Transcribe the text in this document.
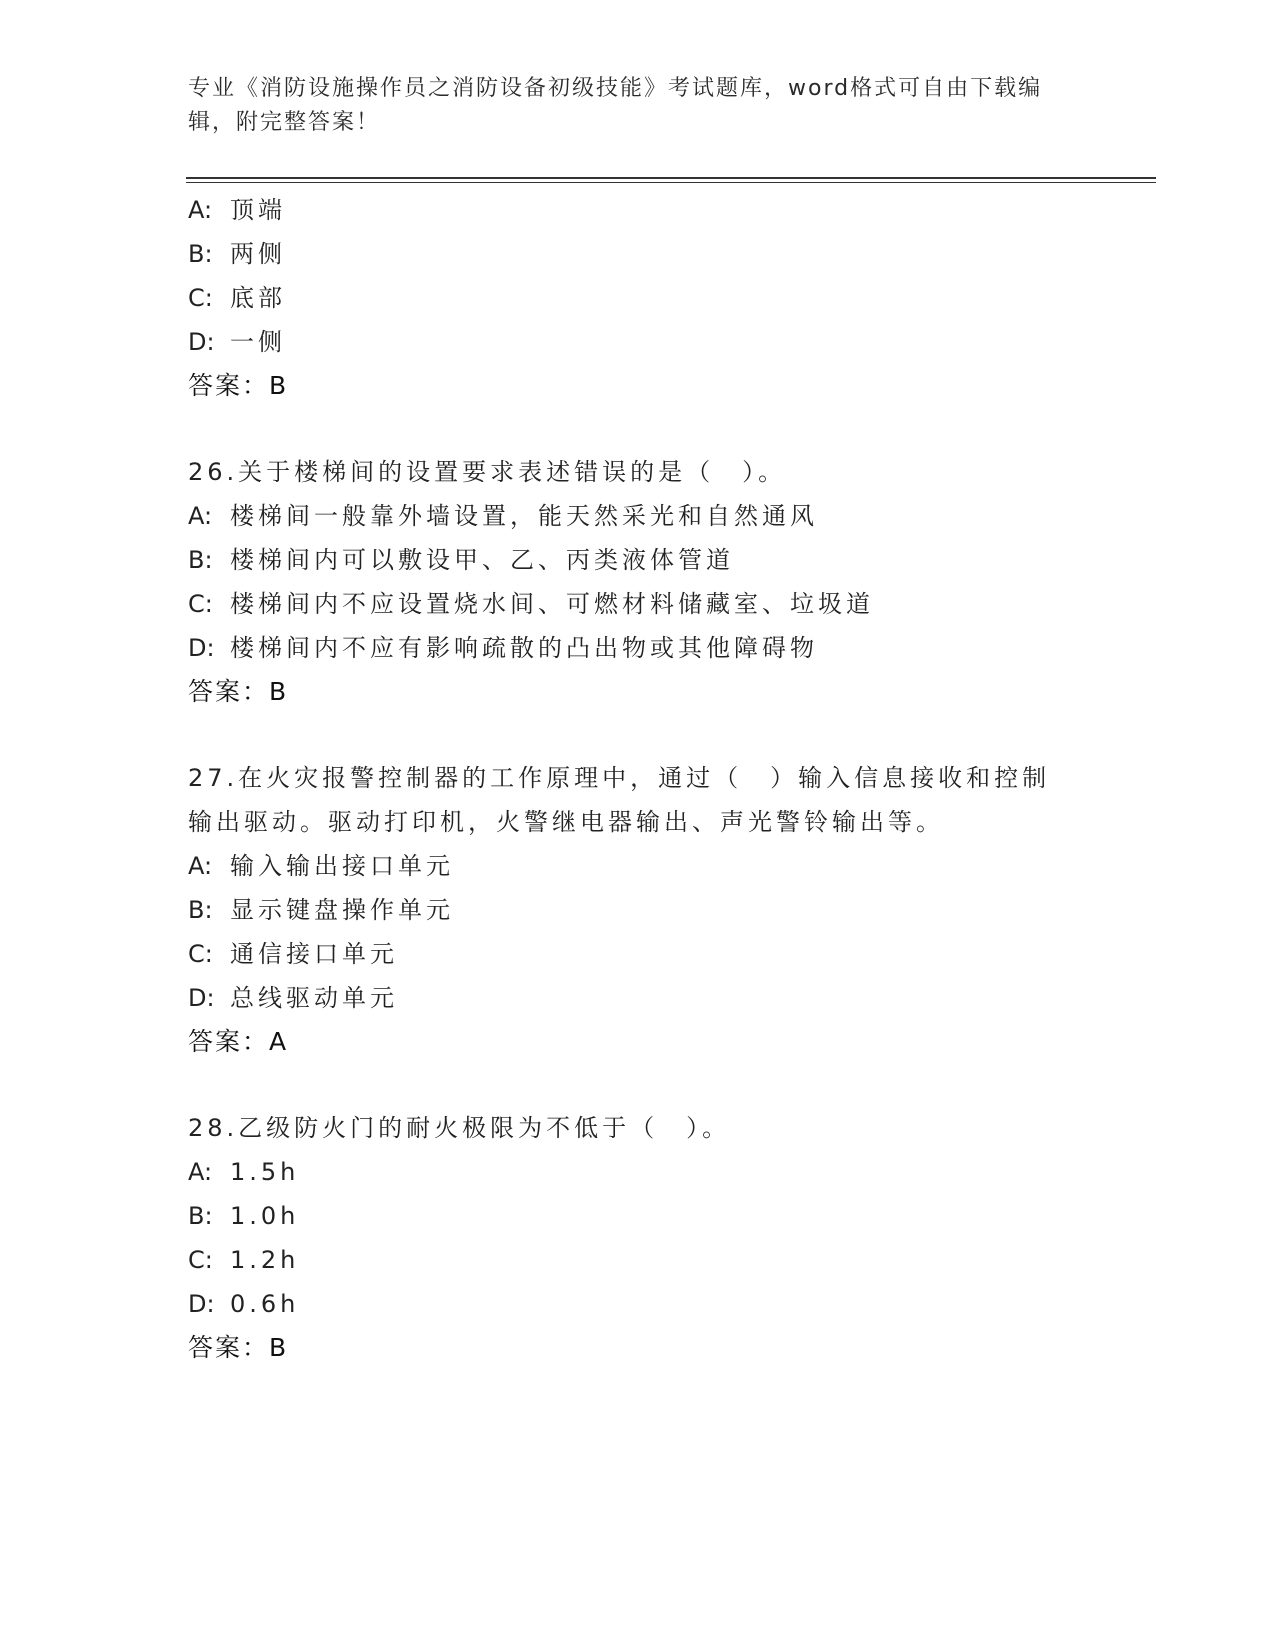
专业《消防设施操作员之消防设备初级技能》考试题库，word格式可自由下载编辑，附完整答案！
A: 顶端
B: 两侧
C: 底部
D: 一侧
答案：B
26.关于楼梯间的设置要求表述错误的是（　）。
A: 楼梯间一般靠外墙设置，能天然采光和自然通风
B: 楼梯间内可以敷设甲、乙、丙类液体管道
C: 楼梯间内不应设置烧水间、可燃材料储藏室、垃圾道
D: 楼梯间内不应有影响疏散的凸出物或其他障碍物
答案：B
27.在火灾报警控制器的工作原理中，通过（　）输入信息接收和控制
输出驱动。驱动打印机，火警继电器输出、声光警铃输出等。
A: 输入输出接口单元
B: 显示键盘操作单元
C: 通信接口单元
D: 总线驱动单元
答案：A
28.乙级防火门的耐火极限为不低于（　）。
A: 1.5h
B: 1.0h
C: 1.2h
D: 0.6h
答案：B
